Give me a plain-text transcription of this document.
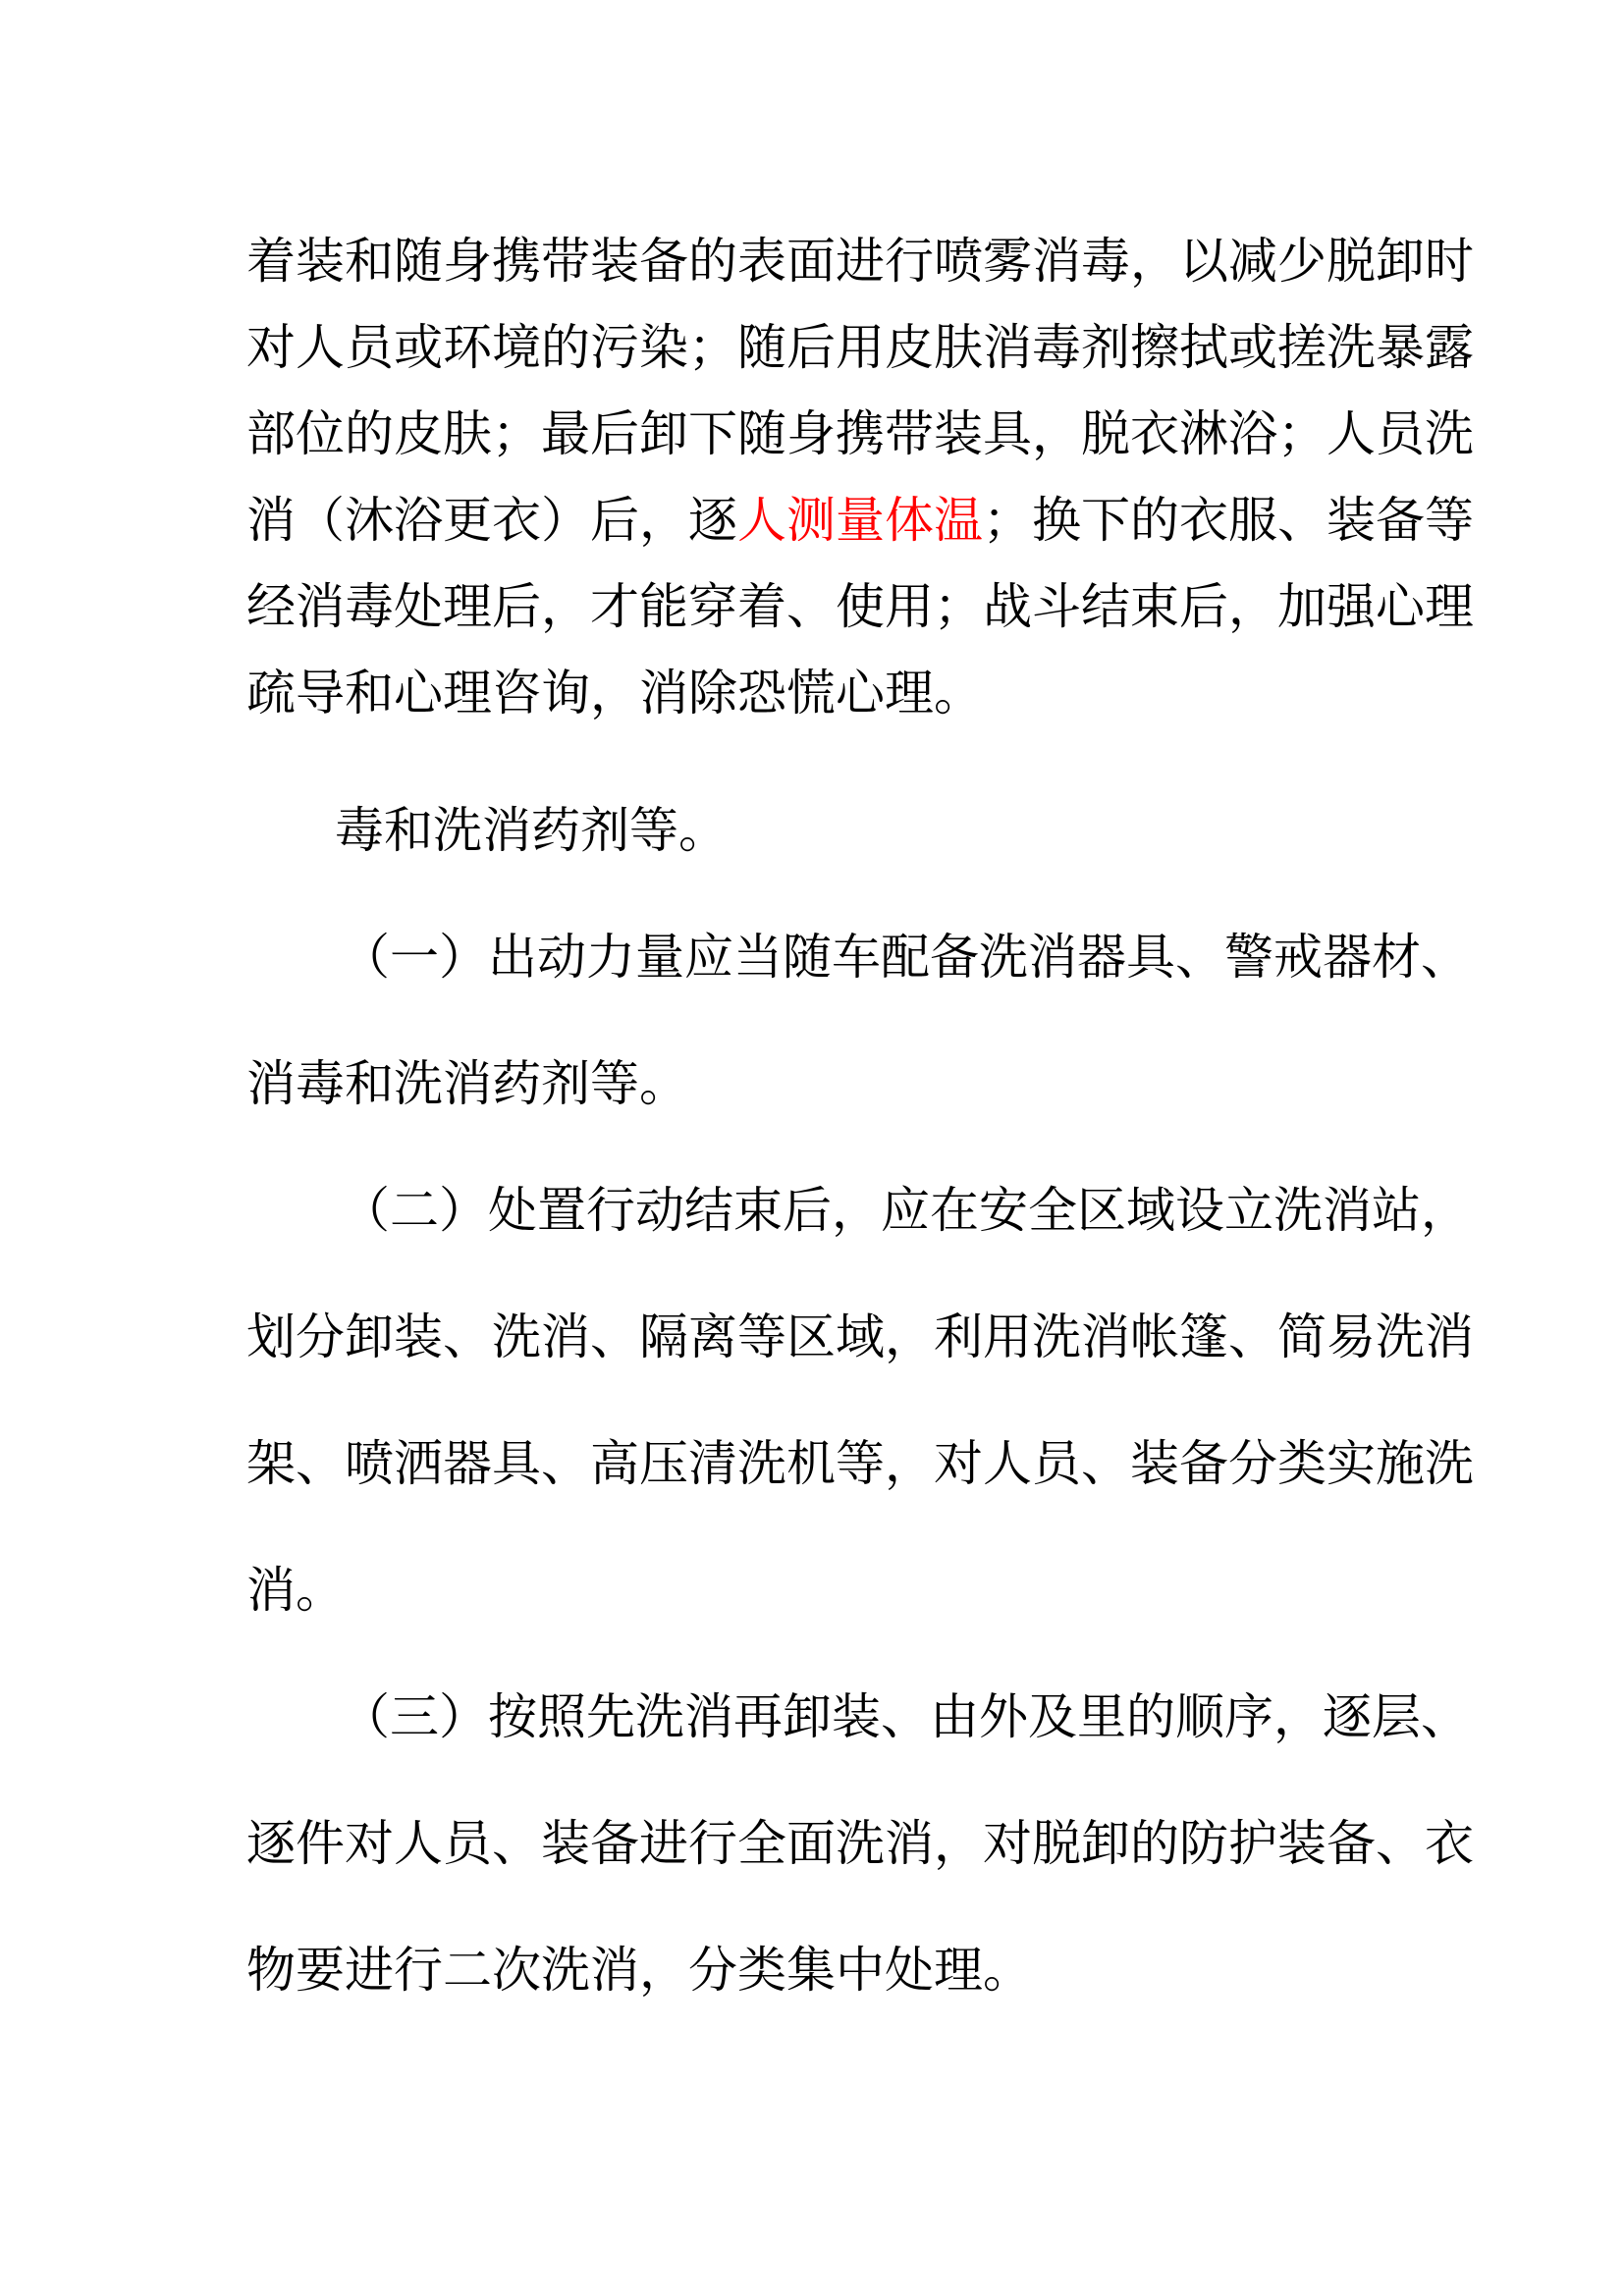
着装和随身携带装备的表面进行喷雾消毒，以减少脱卸时
对人员或环境的污染；随后用皮肤消毒剂擦拭或搓洗暴露
部位的皮肤；最后卸下随身携带装具，脱衣淋浴；人员洗
消（沐浴更衣）后，逐人测量体温；换下的衣服、装备等
经消毒处理后，才能穿着、使用；战斗结束后，加强心理
疏导和心理咨询，消除恐慌心理。
毒和洗消药剂等。
（一）出动力量应当随车配备洗消器具、警戒器材、
消毒和洗消药剂等。
（二）处置行动结束后，应在安全区域设立洗消站，
划分卸装、洗消、隔离等区域，利用洗消帐篷、简易洗消
架、喷洒器具、高压清洗机等，对人员、装备分类实施洗
消。
（三）按照先洗消再卸装、由外及里的顺序，逐层、
逐件对人员、装备进行全面洗消，对脱卸的防护装备、衣
物要进行二次洗消，分类集中处理。
